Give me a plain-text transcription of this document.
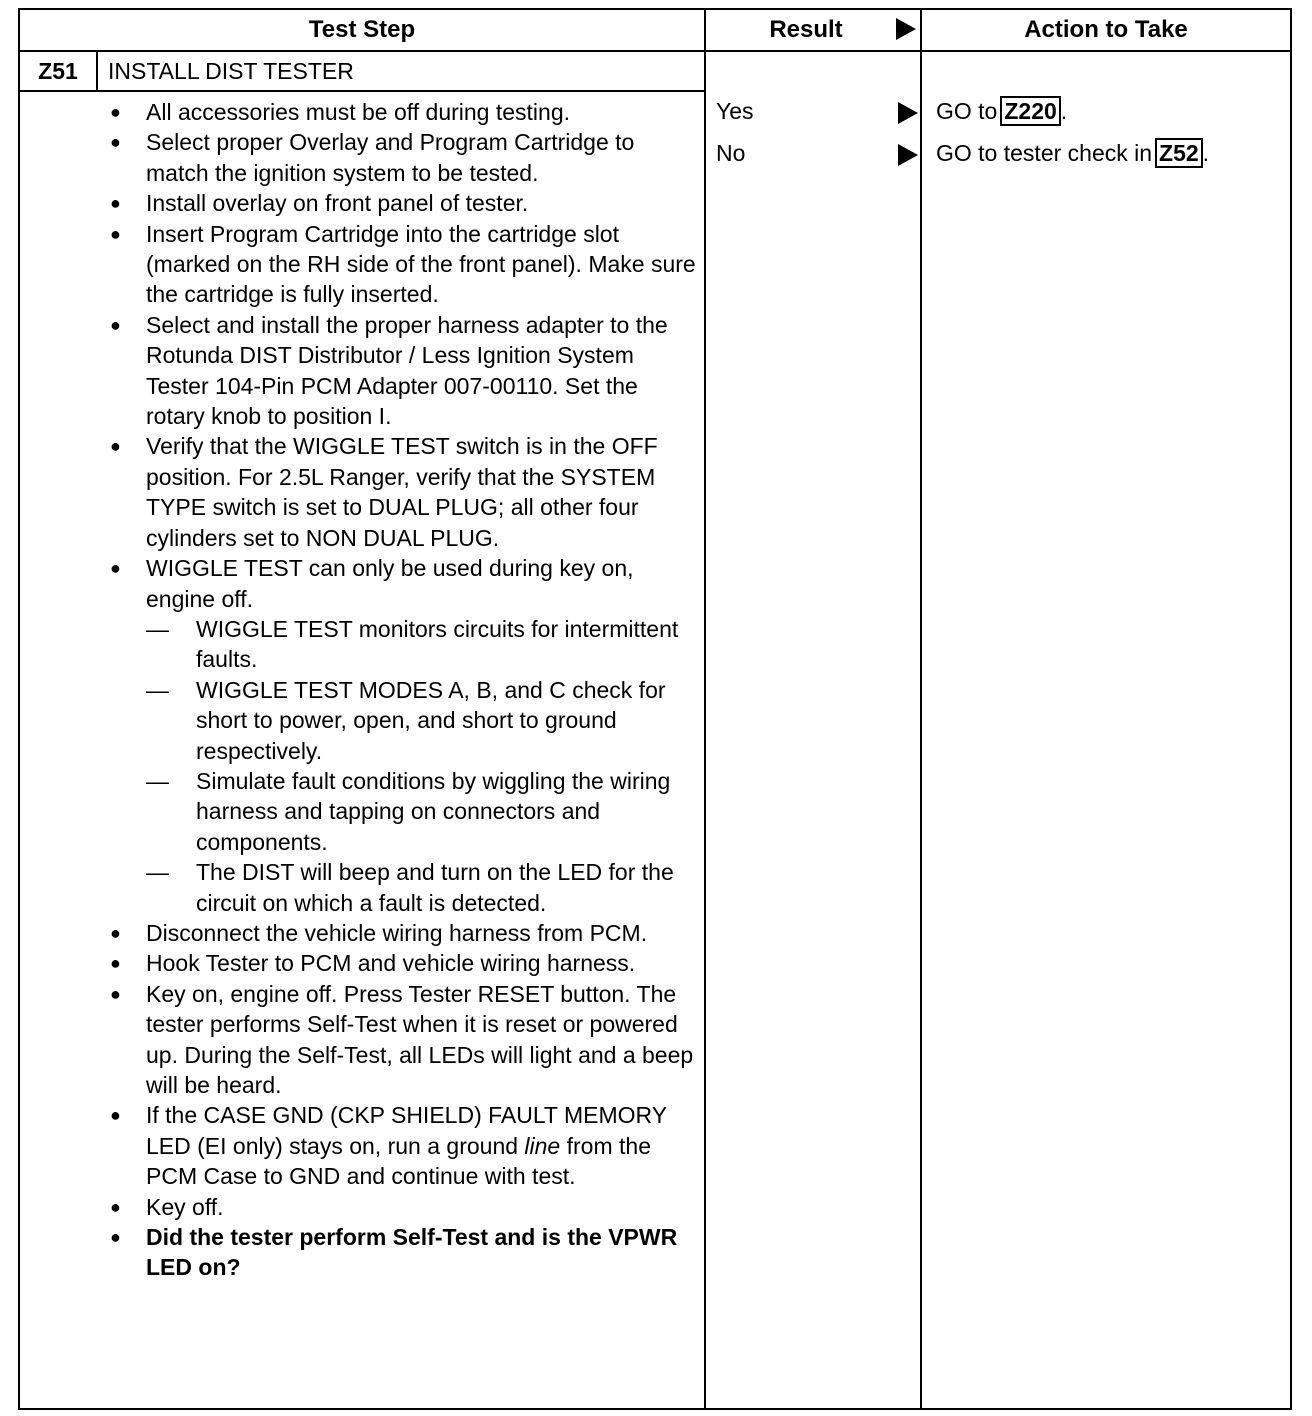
Test Step	Result	Action to Take
Z51	INSTALL DIST TESTER
● All accessories must be off during testing.
● Select proper Overlay and Program Cartridge to match the ignition system to be tested.
● Install overlay on front panel of tester.
● Insert Program Cartridge into the cartridge slot (marked on the RH side of the front panel). Make sure the cartridge is fully inserted.
● Select and install the proper harness adapter to the Rotunda DIST Distributor / Less Ignition System Tester 104-Pin PCM Adapter 007-00110. Set the rotary knob to position I.
● Verify that the WIGGLE TEST switch is in the OFF position. For 2.5L Ranger, verify that the SYSTEM TYPE switch is set to DUAL PLUG; all other four cylinders set to NON DUAL PLUG.
● WIGGLE TEST can only be used during key on, engine off.
— WIGGLE TEST monitors circuits for intermittent faults.
— WIGGLE TEST MODES A, B, and C check for short to power, open, and short to ground respectively.
— Simulate fault conditions by wiggling the wiring harness and tapping on connectors and components.
— The DIST will beep and turn on the LED for the circuit on which a fault is detected.
● Disconnect the vehicle wiring harness from PCM.
● Hook Tester to PCM and vehicle wiring harness.
● Key on, engine off. Press Tester RESET button. The tester performs Self-Test when it is reset or powered up. During the Self-Test, all LEDs will light and a beep will be heard.
● If the CASE GND (CKP SHIELD) FAULT MEMORY LED (EI only) stays on, run a ground line from the PCM Case to GND and continue with test.
● Key off.
● Did the tester perform Self-Test and is the VPWR LED on?
Yes	GO to Z220 .
No	GO to tester check in Z52 .
